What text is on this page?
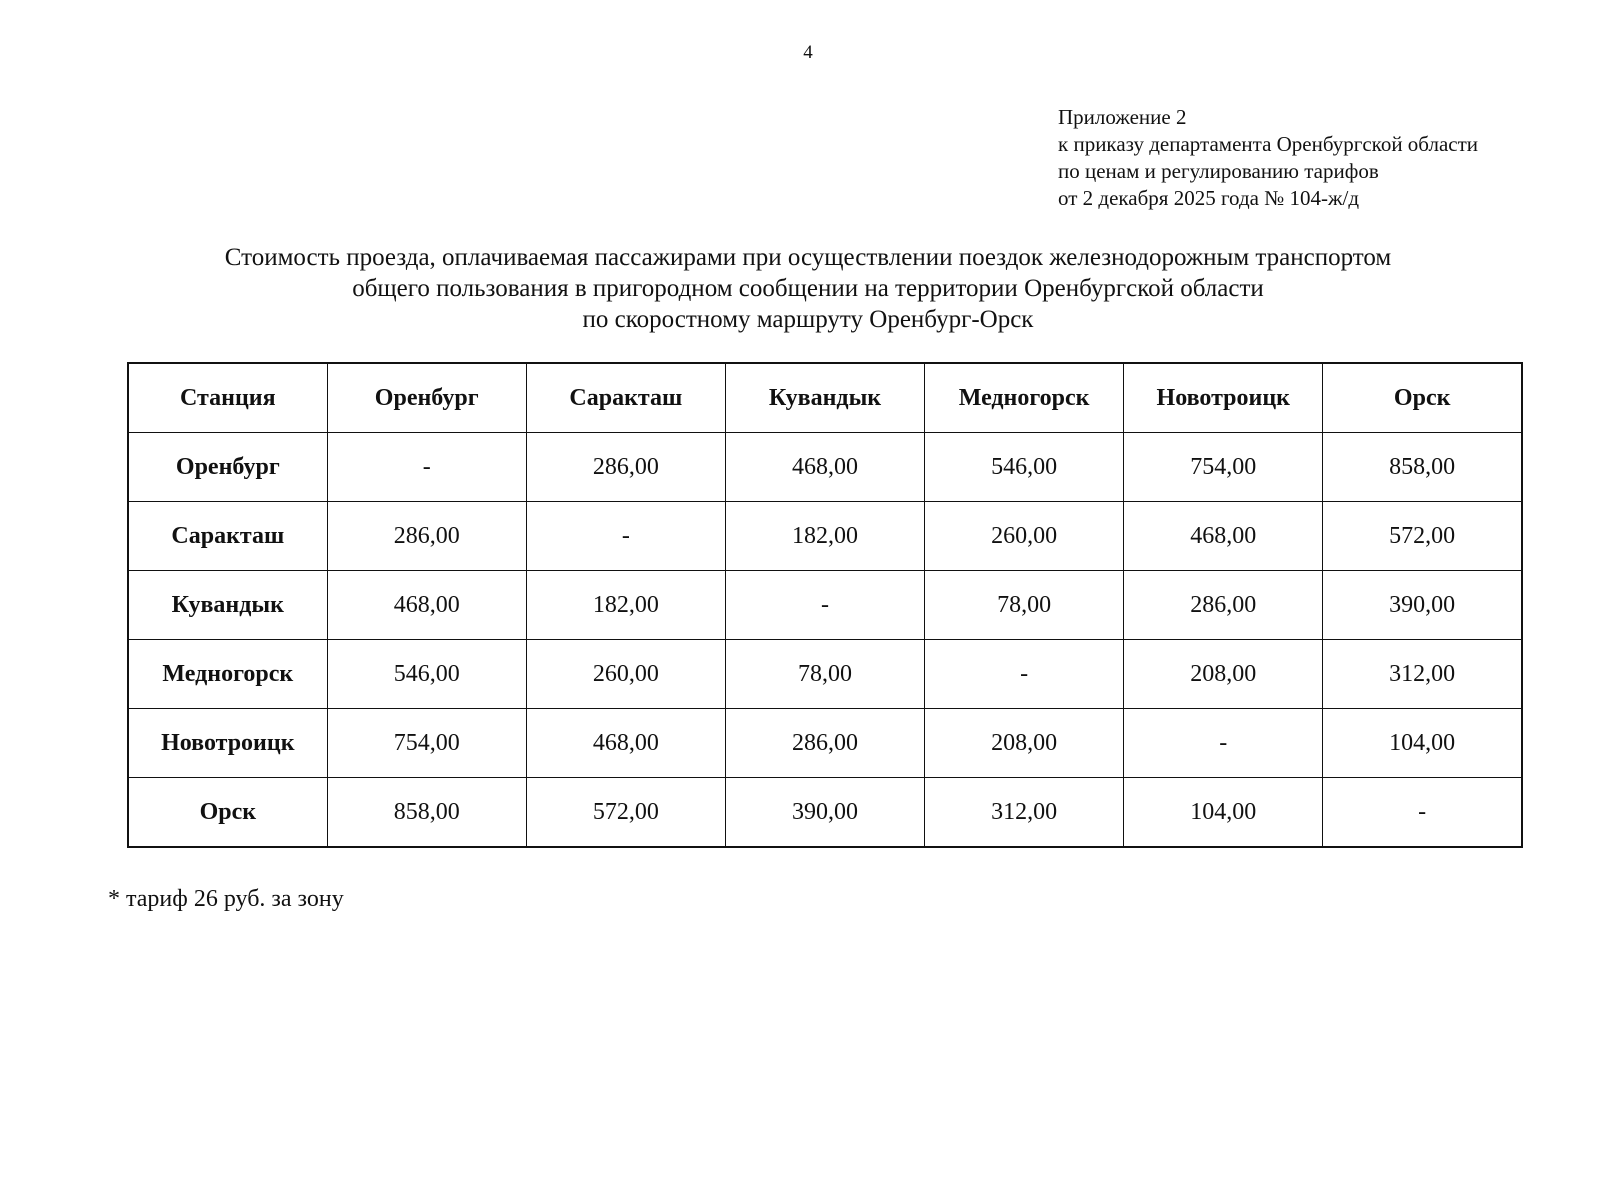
4
Приложение 2
к приказу департамента Оренбургской области
по ценам и регулированию тарифов
от 2 декабря 2025 года № 104-ж/д
Стоимость проезда, оплачиваемая пассажирами при осуществлении поездок железнодорожным транспортом
общего пользования в пригородном сообщении на территории Оренбургской области
по скоростному маршруту Оренбург-Орск
Станция	Оренбург	Саракташ	Кувандык	Медногорск	Новотроицк	Орск
Оренбург	-	286,00	468,00	546,00	754,00	858,00
Саракташ	286,00	-	182,00	260,00	468,00	572,00
Кувандык	468,00	182,00	-	78,00	286,00	390,00
Медногорск	546,00	260,00	78,00	-	208,00	312,00
Новотроицк	754,00	468,00	286,00	208,00	-	104,00
Орск	858,00	572,00	390,00	312,00	104,00	-
* тариф 26 руб. за зону
